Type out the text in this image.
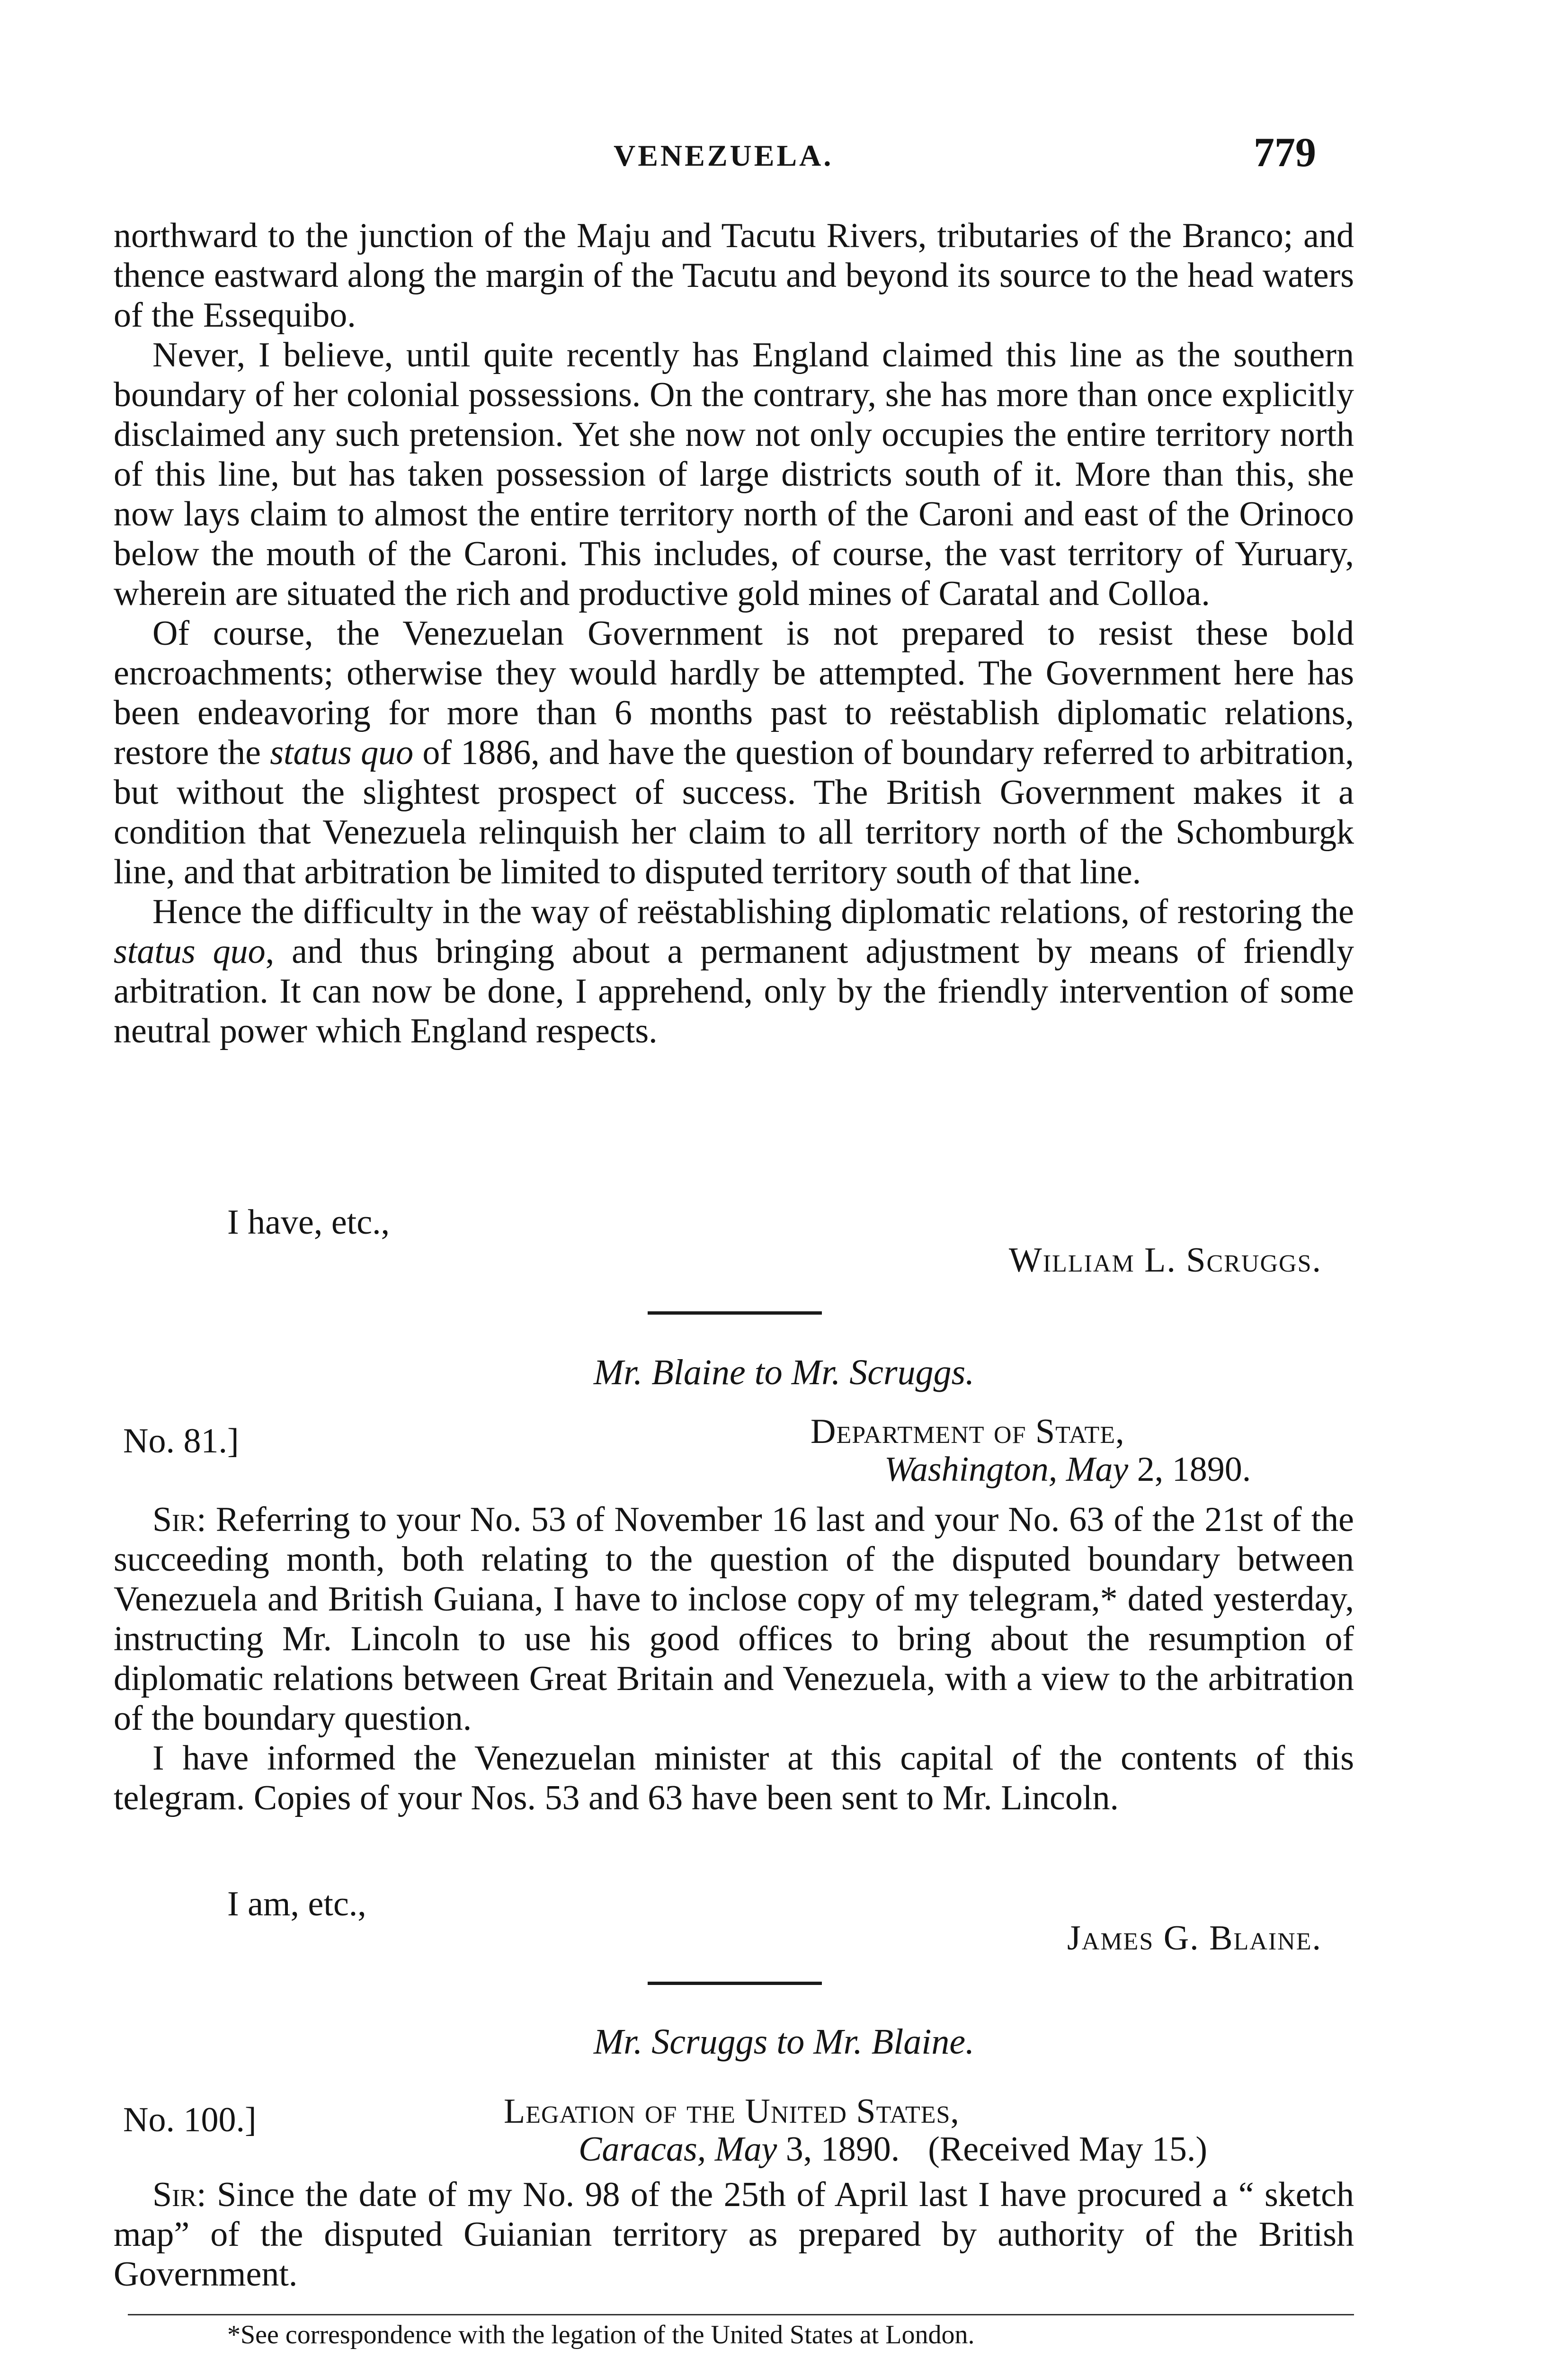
VENEZUELA.	779

northward to the junction of the Maju and Tacutu Rivers, tributaries of the Branco; and thence eastward along the margin of the Tacutu and beyond its source to the head waters of the Essequibo.

Never, I believe, until quite recently has England claimed this line as the southern boundary of her colonial possessions. On the contrary, she has more than once explicitly disclaimed any such pretension. Yet she now not only occupies the entire territory north of this line, but has taken possession of large districts south of it. More than this, she now lays claim to almost the entire territory north of the Caroni and east of the Orinoco below the mouth of the Caroni. This includes, of course, the vast territory of Yuruary, wherein are situated the rich and productive gold mines of Caratal and Colloa.

Of course, the Venezuelan Government is not prepared to resist these bold encroachments; otherwise they would hardly be attempted. The Government here has been endeavoring for more than 6 months past to reëstablish diplomatic relations, restore the status quo of 1886, and have the question of boundary referred to arbitration, but without the slightest prospect of success. The British Government makes it a condition that Venezuela relinquish her claim to all territory north of the Schomburgk line, and that arbitration be limited to disputed territory south of that line.

Hence the difficulty in the way of reëstablishing diplomatic relations, of restoring the status quo, and thus bringing about a permanent adjustment by means of friendly arbitration. It can now be done, I apprehend, only by the friendly intervention of some neutral power which England respects.

I have, etc.,
William L. Scruggs.
Mr. Blaine to Mr. Scruggs.
No. 81.]	Department of State,
Washington, May 2, 1890.

Sir: Referring to your No. 53 of November 16 last and your No. 63 of the 21st of the succeeding month, both relating to the question of the disputed boundary between Venezuela and British Guiana, I have to inclose copy of my telegram,* dated yesterday, instructing Mr. Lincoln to use his good offices to bring about the resumption of diplomatic relations between Great Britain and Venezuela, with a view to the arbitration of the boundary question.

I have informed the Venezuelan minister at this capital of the contents of this telegram. Copies of your Nos. 53 and 63 have been sent to Mr. Lincoln.

I am, etc.,
James G. Blaine.
Mr. Scruggs to Mr. Blaine.
No. 100.]	Legation of the United States,
Caracas, May 3, 1890. (Received May 15.)

Sir: Since the date of my No. 98 of the 25th of April last I have procured a “ sketch map” of the disputed Guianian territory as prepared by authority of the British Government.

*See correspondence with the legation of the United States at London.
